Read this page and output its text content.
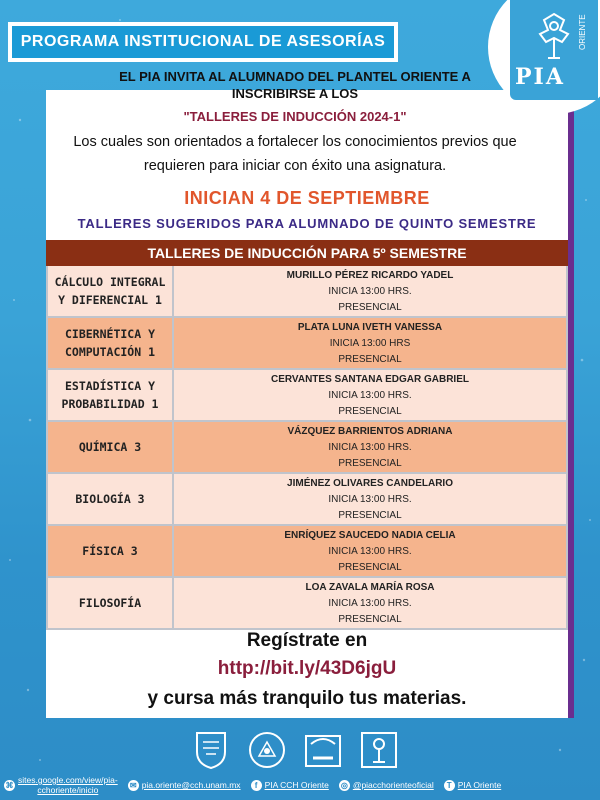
PROGRAMA INSTITUCIONAL DE ASESORÍAS
PIA
ORIENTE
EL PIA INVITA AL ALUMNADO DEL PLANTEL ORIENTE A
INSCRIBIRSE A LOS
"TALLERES DE INDUCCIÓN 2024-1"
Los cuales son orientados a fortalecer los conocimientos previos que
requieren para iniciar con éxito una asignatura.
INICIAN 4 DE SEPTIEMBRE
TALLERES SUGERIDOS PARA ALUMNADO DE QUINTO SEMESTRE
TALLERES DE INDUCCIÓN PARA 5º SEMESTRE
CÁLCULO INTEGRAL Y DIFERENCIAL 1
MURILLO PÉREZ RICARDO YADEL
INICIA 13:00 HRS.
PRESENCIAL
CIBERNÉTICA Y COMPUTACIÓN 1
PLATA LUNA IVETH VANESSA
INICIA 13:00 HRS
PRESENCIAL
ESTADÍSTICA Y PROBABILIDAD 1
CERVANTES SANTANA EDGAR GABRIEL
INICIA 13:00 HRS.
PRESENCIAL
QUÍMICA 3
VÁZQUEZ BARRIENTOS ADRIANA
INICIA 13:00 HRS.
PRESENCIAL
BIOLOGÍA 3
JIMÉNEZ OLIVARES CANDELARIO
INICIA 13:00 HRS.
PRESENCIAL
FÍSICA 3
ENRÍQUEZ SAUCEDO NADIA CELIA
INICIA 13:00 HRS.
PRESENCIAL
FILOSOFÍA
LOA ZAVALA MARÍA ROSA
INICIA 13:00 HRS.
PRESENCIAL
Regístrate en
http://bit.ly/43D6jgU
y cursa más tranquilo tus materias.
⌘ sites.google.com/view/pia-
cchoriente/inicio	✉ pia.oriente@cch.unam.mx	f PIA CCH Oriente ◎ @piacchorienteoficial	T PIA Oriente
